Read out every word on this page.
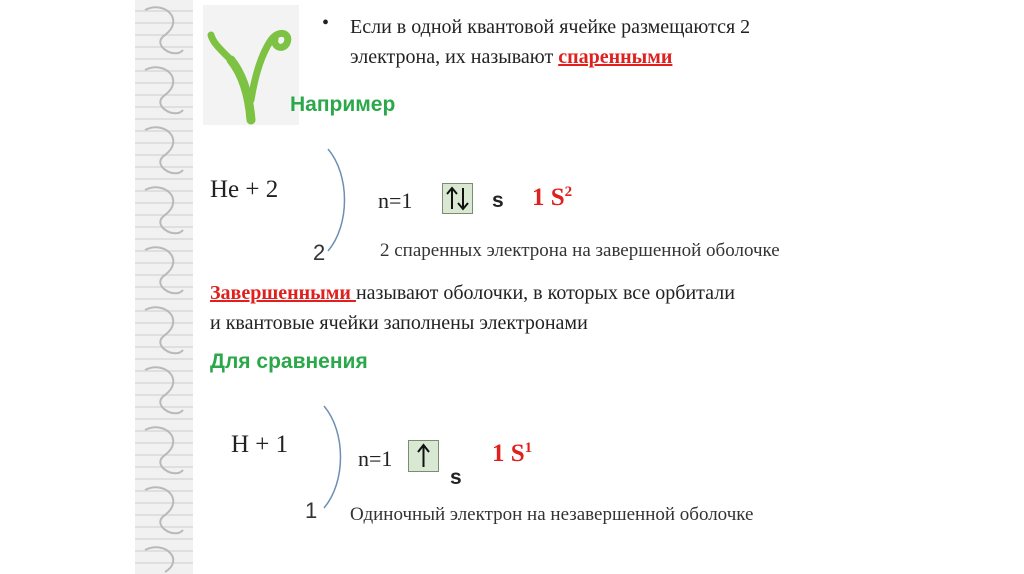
• Если в одной квантовой ячейке размещаются 2
электрона, их называют спаренными
Например
He + 2
2
n=1	s 1 $S^2$
2 спаренных электрона на завершенной оболочке
Завершенными называют оболочки, в которых все орбитали
и квантовые ячейки заполнены электронами
Для сравнения
H + 1
1
n=1
s
1 $S^1$
Одиночный электрон на незавершенной оболочке
